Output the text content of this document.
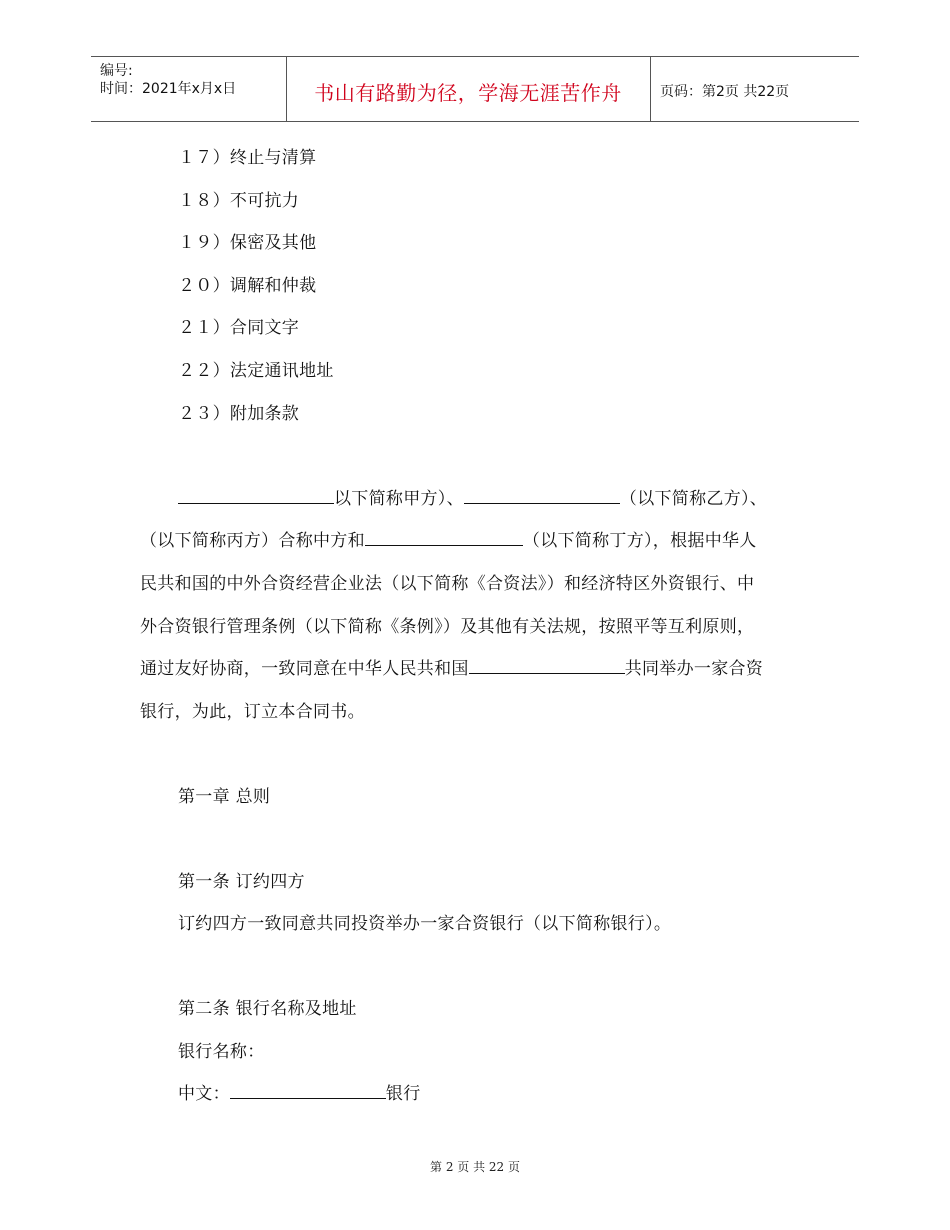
编号:
时间：2021年x月x日	书山有路勤为径，学海无涯苦作舟	页码：第2页 共22页
１７）终止与清算
１８）不可抗力
１９）保密及其他
２０）调解和仲裁
２１）合同文字
２２）法定通讯地址
２３）附加条款
以下简称甲方）、	（以下简称乙方）、
（以下简称丙方）合称中方和	（以下简称丁方），根据中华人
民共和国的中外合资经营企业法（以下简称《合资法》）和经济特区外资银行、中
外合资银行管理条例（以下简称《条例》）及其他有关法规，按照平等互利原则，
通过友好协商，一致同意在中华人民共和国	共同举办一家合资
银行，为此，订立本合同书。
第一章 总则
第一条 订约四方
订约四方一致同意共同投资举办一家合资银行（以下简称银行）。
第二条 银行名称及地址
银行名称：
中文：	银行
第 2 页 共 22 页
